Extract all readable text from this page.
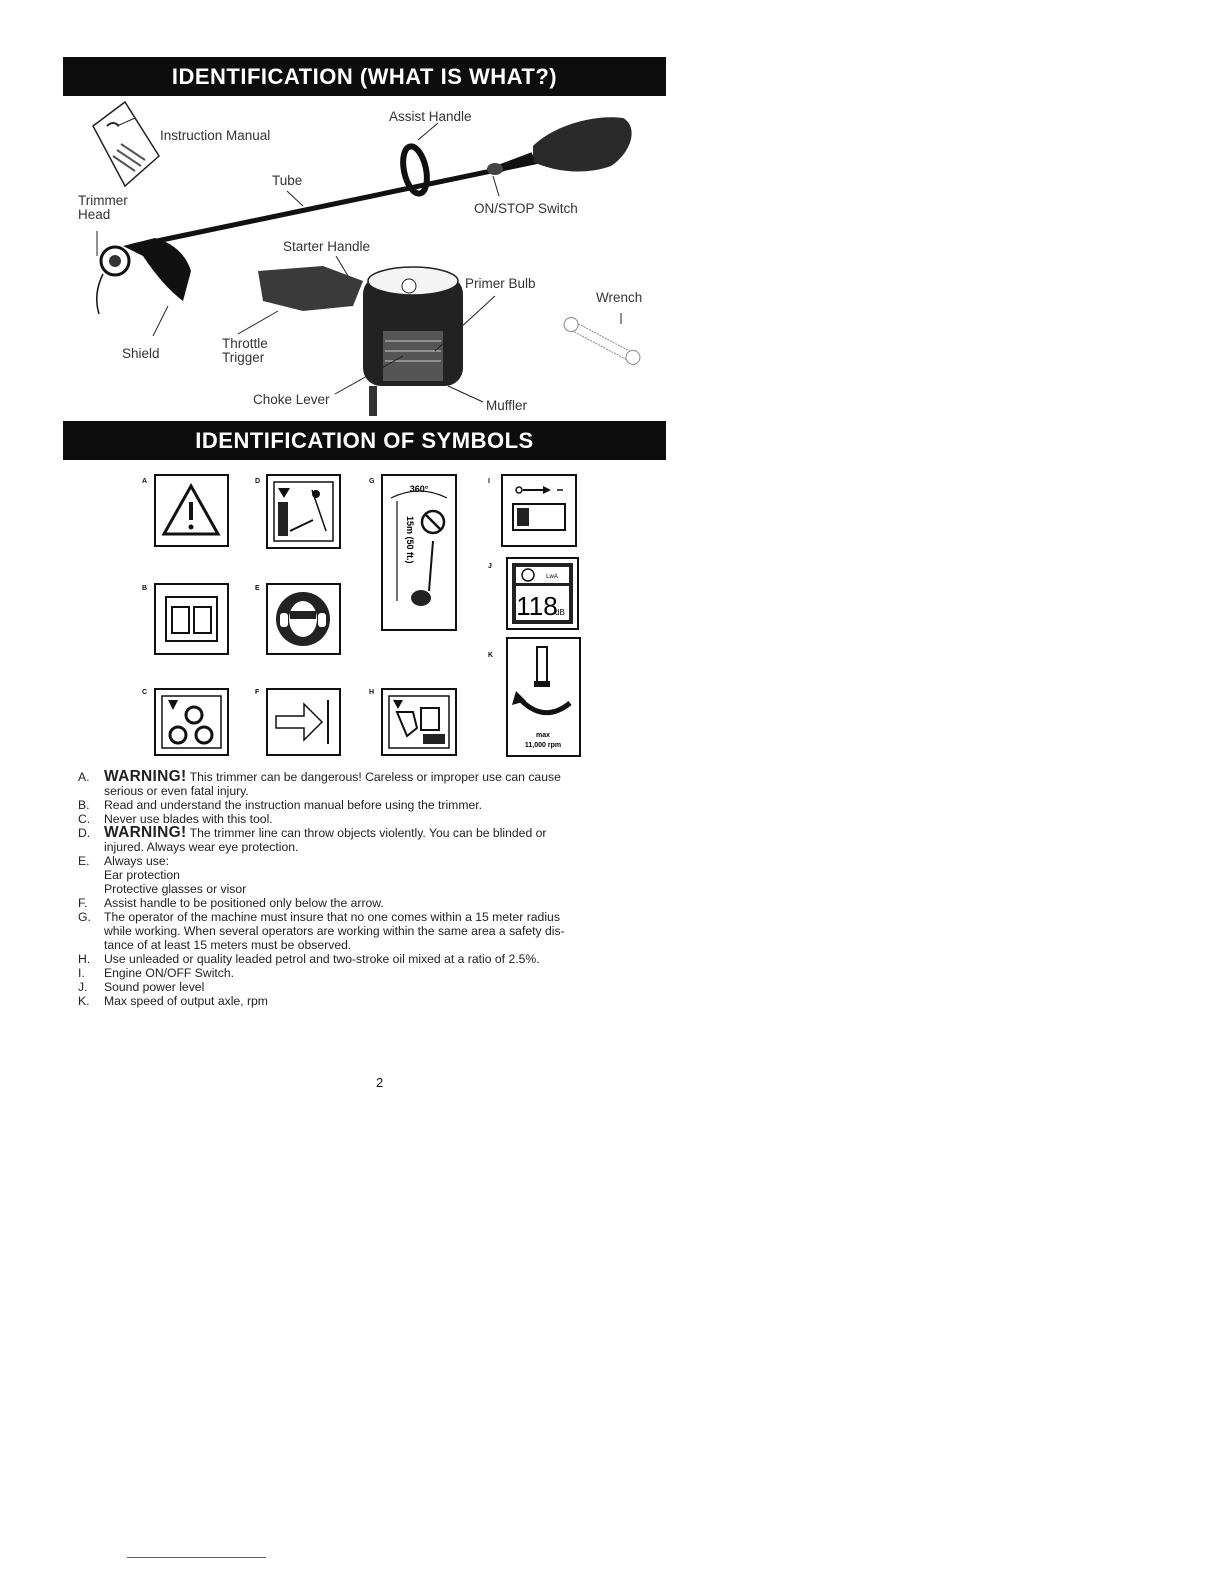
IDENTIFICATION (WHAT IS WHAT?)
Instruction Manual
Assist Handle
Tube
Trimmer
Head	ON/STOP Switch
Starter Handle
Primer Bulb
Wrench
Shield
Throttle
Trigger
Choke Lever	Muffler
IDENTIFICATION OF SYMBOLS
A
B
C
D
E
F
G
360°
15m (50 ft.)
H
I
J
LwA
118
dB
K
max
11,000 rpm
A. WARNING! This trimmer can be dangerous! Careless or improper use can cause
serious or even fatal injury.
B. Read and understand the instruction manual before using the trimmer.
C. Never use blades with this tool.
D. WARNING! The trimmer line can throw objects violently. You can be blinded or
injured. Always wear eye protection.
E. Always use:
Ear protection
Protective glasses or visor
F. Assist handle to be positioned only below the arrow.
G. The operator of the machine must insure that no one comes within a 15 meter radius
while working. When several operators are working within the same area a safety dis-
tance of at least 15 meters must be observed.
H. Use unleaded or quality leaded petrol and two-stroke oil mixed at a ratio of 2.5%.
I. Engine ON/OFF Switch.
J. Sound power level
K. Max speed of output axle, rpm
2
